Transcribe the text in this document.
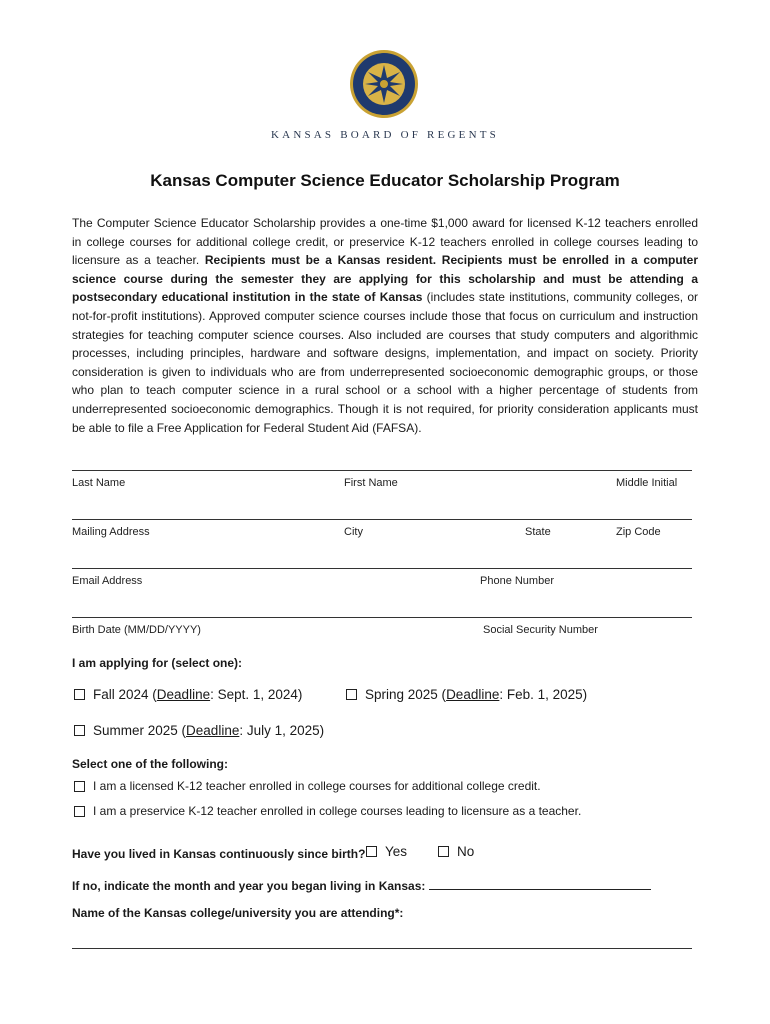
KANSAS BOARD OF REGENTS
Kansas Computer Science Educator Scholarship Program

The Computer Science Educator Scholarship provides a one-time $1,000 award for licensed K-12 teachers enrolled in college courses for additional college credit, or preservice K-12 teachers enrolled in college courses leading to licensure as a teacher. Recipients must be a Kansas resident. Recipients must be enrolled in a computer science course during the semester they are applying for this scholarship and must be attending a postsecondary educational institution in the state of Kansas (includes state institutions, community colleges, or not-for-profit institutions). Approved computer science courses include those that focus on curriculum and instruction strategies for teaching computer science courses. Also included are courses that study computers and algorithmic processes, including principles, hardware and software designs, implementation, and impact on society. Priority consideration is given to individuals who are from underrepresented socioeconomic demographic groups, or those who plan to teach computer science in a rural school or a school with a higher percentage of students from underrepresented socioeconomic demographics. Though it is not required, for priority consideration applicants must be able to file a Free Application for Federal Student Aid (FAFSA).

Last Name	First Name	Middle Initial
Mailing Address	City	State	Zip Code
Email Address	Phone Number
Birth Date (MM/DD/YYYY)	Social Security Number
I am applying for (select one):
Fall 2024 ( Deadline : Sept. 1, 2024)	Spring 2025 ( Deadline : Feb. 1, 2025)
Summer 2025 ( Deadline : July 1, 2025)
Select one of the following:
I am a licensed K-12 teacher enrolled in college courses for additional college credit.
I am a preservice K-12 teacher enrolled in college courses leading to licensure as a teacher.
Have you lived in Kansas continuously since birth? Yes	No
If no, indicate the month and year you began living in Kansas:
Name of the Kansas college/university you are attending*:
